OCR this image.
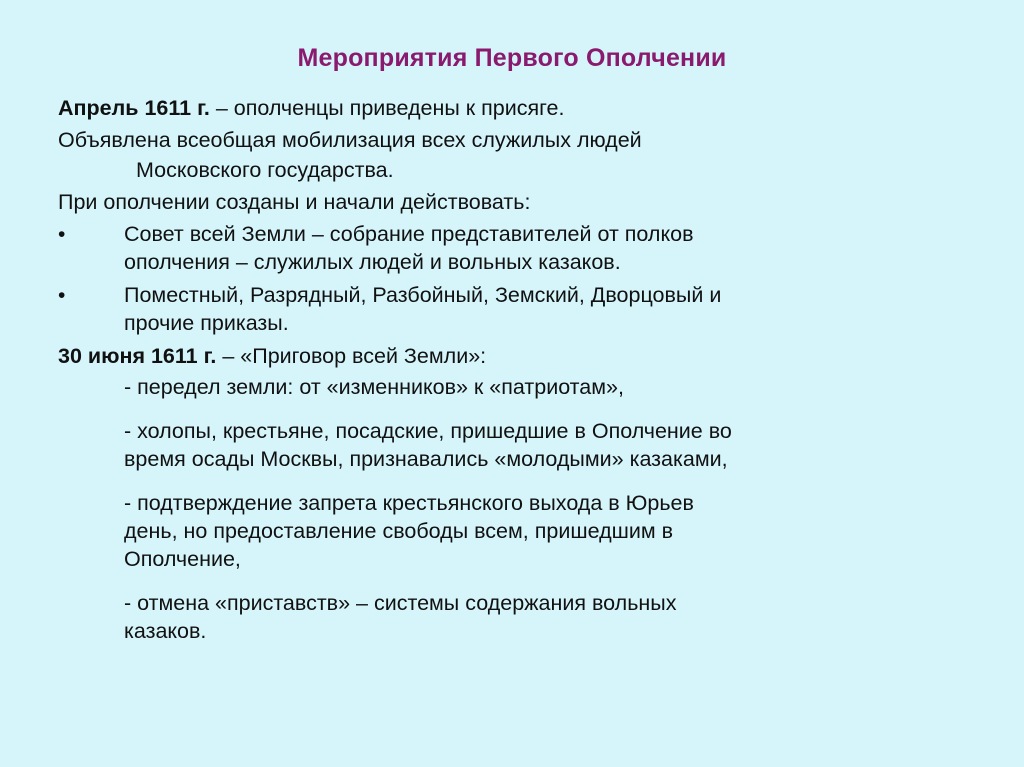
Мероприятия Первого Ополчении

Апрель 1611 г. – ополченцы приведены к присяге.

Объявлена всеобщая мобилизация всех служилых людей

Московского государства.

При ополчении созданы и начали действовать:

•	Совет всей Земли – собрание представителей от полков
ополчения – служилых людей и вольных казаков.
•	Поместный, Разрядный, Разбойный, Земский, Дворцовый и
прочие приказы.

30 июня 1611 г. – «Приговор всей Земли»:

- передел земли: от «изменников» к «патриотам»,

- холопы, крестьяне, посадские, пришедшие в Ополчение во
время осады Москвы, признавались «молодыми» казаками,

- подтверждение запрета крестьянского выхода в Юрьев
день, но предоставление свободы всем, пришедшим в
Ополчение,

- отмена «приставств» – системы содержания вольных
казаков.
